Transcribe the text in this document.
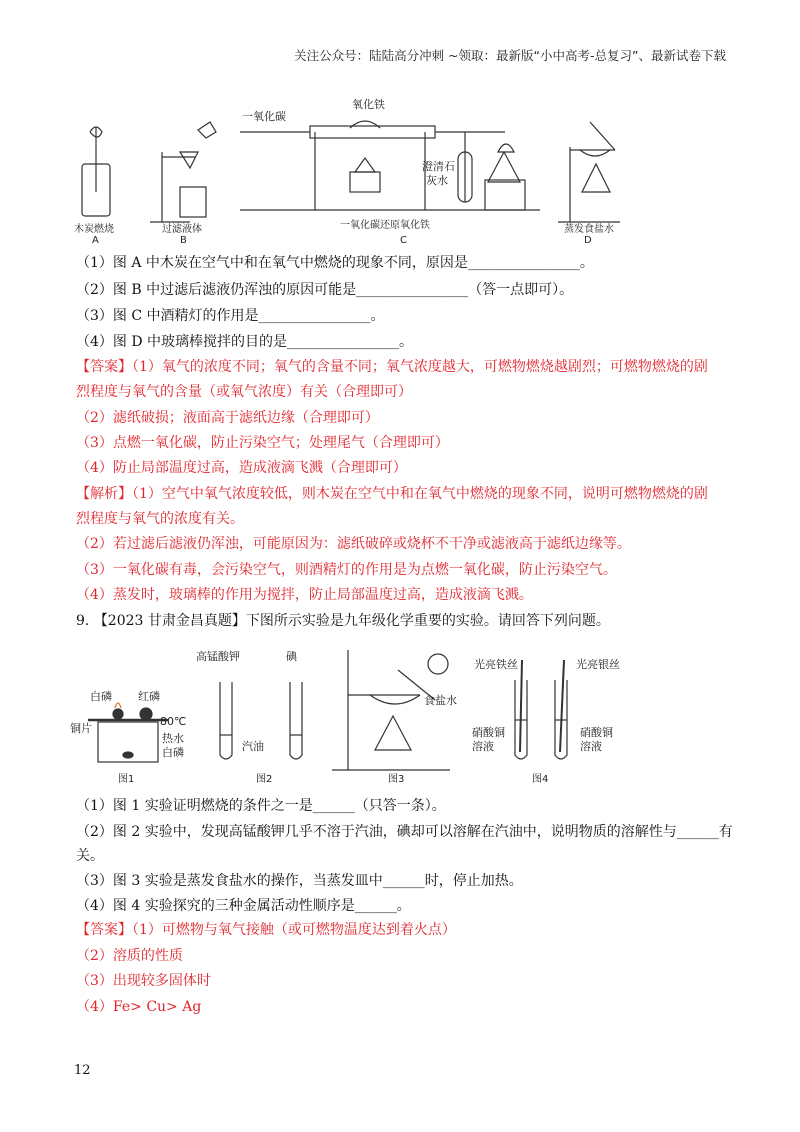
关注公众号：陆陆高分冲刺 ~领取：最新版“小中高考-总复习”、最新试卷下载
一氧化碳
氧化铁
澄清石
灰水
木炭燃烧
A
过滤液体
B
一氧化碳还原氧化铁
C
蒸发食盐水
D
（1）图 A 中木炭在空气中和在氧气中燃烧的现象不同，原因是________________。
（2）图 B 中过滤后滤液仍浑浊的原因可能是________________（答一点即可）。
（3）图 C 中酒精灯的作用是________________。
（4）图 D 中玻璃棒搅拌的目的是________________。
【答案】（1）氧气的浓度不同；氧气的含量不同；氧气浓度越大，可燃物燃烧越剧烈；可燃物燃烧的剧
烈程度与氧气的含量（或氧气浓度）有关（合理即可）
（2）滤纸破损；液面高于滤纸边缘（合理即可）
（3）点燃一氧化碳，防止污染空气；处理尾气（合理即可）
（4）防止局部温度过高，造成液滴飞溅（合理即可）
【解析】（1）空气中氧气浓度较低，则木炭在空气中和在氧气中燃烧的现象不同，说明可燃物燃烧的剧
烈程度与氧气的浓度有关。
（2）若过滤后滤液仍浑浊，可能原因为：滤纸破碎或烧杯不干净或滤液高于滤纸边缘等。
（3）一氧化碳有毒，会污染空气，则酒精灯的作用是为点燃一氧化碳，防止污染空气。
（4）蒸发时，玻璃棒的作用为搅拌，防止局部温度过高，造成液滴飞溅。
9. 【2023 甘肃金昌真题】下图所示实验是九年级化学重要的实验。请回答下列问题。
白磷 红磷
铜片
80℃
热水
白磷
图1
高锰酸钾	碘
汽油
图2
食盐水
图3
光亮铁丝	光亮银丝
硝酸铜
溶液
硝酸铜
溶液
图4
（1）图 1 实验证明燃烧的条件之一是______（只答一条）。
（2）图 2 实验中，发现高锰酸钾几乎不溶于汽油，碘却可以溶解在汽油中，说明物质的溶解性与______有
关。
（3）图 3 实验是蒸发食盐水的操作，当蒸发皿中______时，停止加热。
（4）图 4 实验探究的三种金属活动性顺序是______。
【答案】（1）可燃物与氧气接触（或可燃物温度达到着火点）
（2）溶质的性质
（3）出现较多固体时
（4）Fe> Cu> Ag
12
